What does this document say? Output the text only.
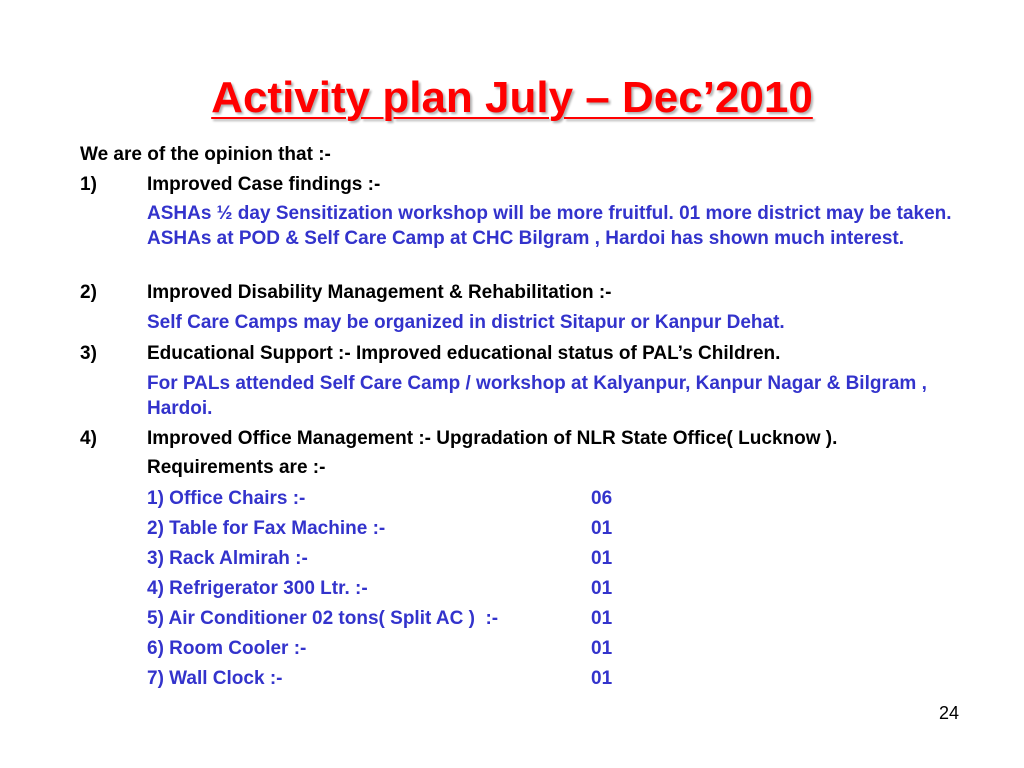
Activity plan July – Dec’2010
We are of the opinion that :-
1)	Improved Case findings :-
ASHAs ½ day Sensitization workshop will be more fruitful. 01 more district may be taken. ASHAs at POD & Self Care Camp at CHC Bilgram , Hardoi has shown much interest.
2)	Improved Disability Management & Rehabilitation :-
Self Care Camps may be organized in district Sitapur or Kanpur Dehat.
3)	Educational Support :- Improved educational status of PAL’s Children.
For PALs attended Self Care Camp / workshop at Kalyanpur, Kanpur Nagar & Bilgram , Hardoi.
4)	Improved Office Management :- Upgradation of NLR State Office( Lucknow ).
Requirements are :-
1) Office Chairs :-	06
2) Table for Fax Machine :-	01
3) Rack Almirah :-	01
4) Refrigerator 300 Ltr. :-	01
5) Air Conditioner 02 tons( Split AC )  :-	01
6) Room Cooler :-	01
7) Wall Clock :-	01
24
